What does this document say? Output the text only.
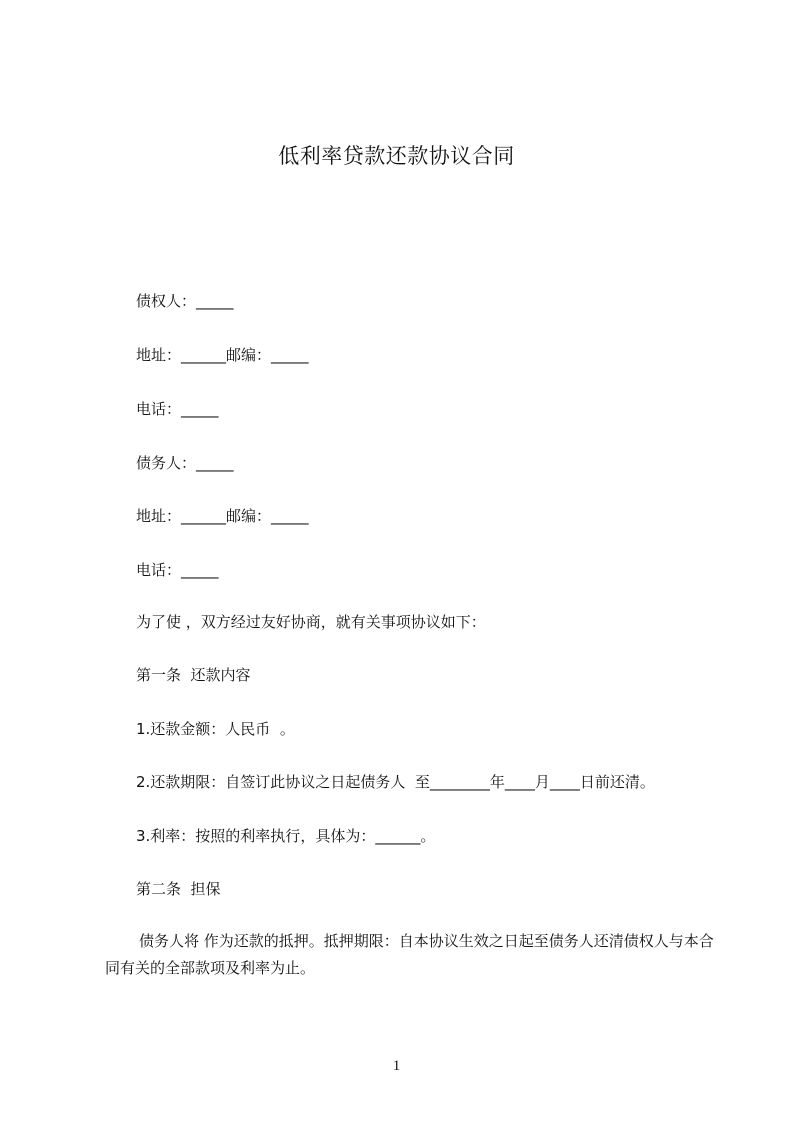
低利率贷款还款协议合同
债权人：_____
地址：______邮编：_____
电话：_____
债务人：_____
地址：______邮编：_____
电话：_____
为了使 ，双方经过友好协商，就有关事项协议如下：
第一条  还款内容
1.还款金额：人民币  。
2.还款期限：自签订此协议之日起债务人  至________年____月____日前还清。
3.利率：按照的利率执行，具体为：______。
第二条  担保
债务人将 作为还款的抵押。抵押期限：自本协议生效之日起至债务人还清债权人与本合同有关的全部款项及利率为止。
1
